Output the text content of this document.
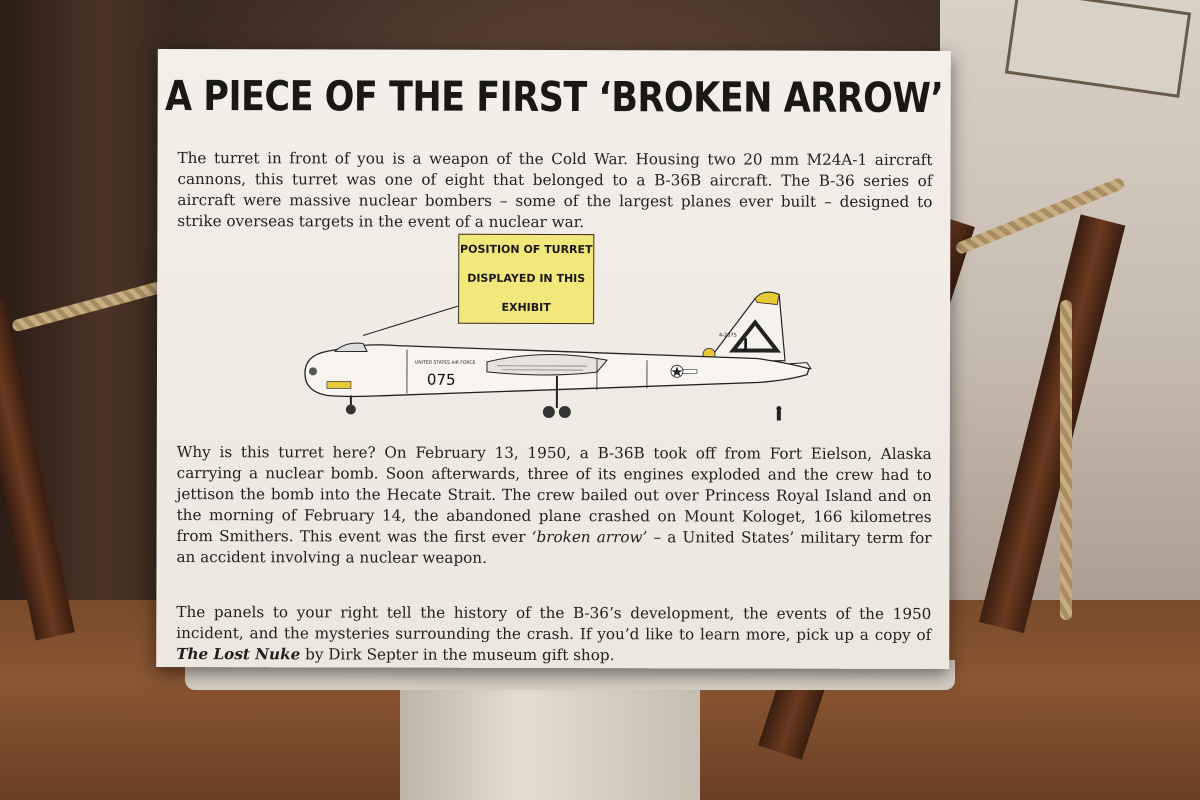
A PIECE OF THE FIRST ‘BROKEN ARROW’

The turret in front of you is a weapon of the Cold War. Housing two 20 mm M24A-1 aircraft cannons, this turret was one of eight that belonged to a B-36B aircraft. The B-36 series of aircraft were massive nuclear bombers – some of the largest planes ever built – designed to strike overseas targets in the event of a nuclear war.

J
4-2075
UNITED STATES AIR FORCE
075
POSITION OF TURRET
DISPLAYED IN THIS
EXHIBIT

Why is this turret here? On February 13, 1950, a B-36B took off from Fort Eielson, Alaska carrying a nuclear bomb. Soon afterwards, three of its engines exploded and the crew had to jettison the bomb into the Hecate Strait. The crew bailed out over Princess Royal Island and on the morning of February 14, the abandoned plane crashed on Mount Kologet, 166 kilometres from Smithers. This event was the first ever ‘broken arrow’ – a United States’ military term for an accident involving a nuclear weapon.

The panels to your right tell the history of the B-36’s development, the events of the 1950 incident, and the mysteries surrounding the crash. If you’d like to learn more, pick up a copy of The Lost Nuke by Dirk Septer in the museum gift shop.
